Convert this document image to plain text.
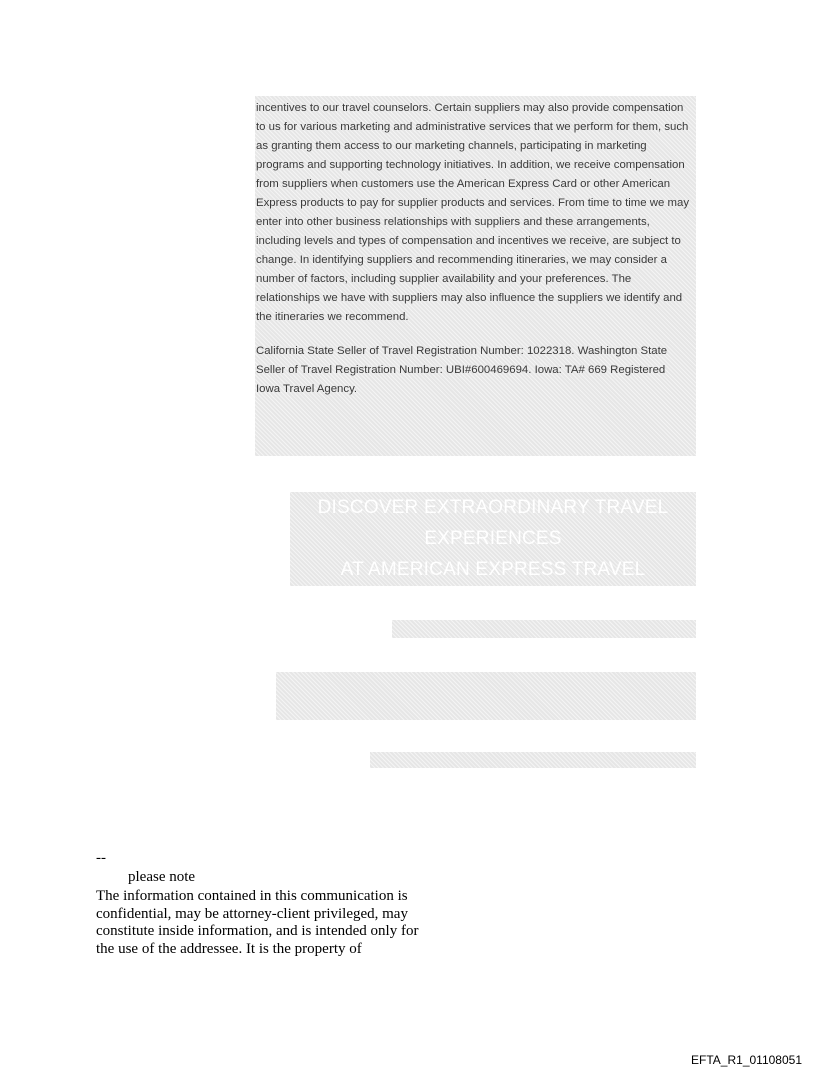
incentives to our travel counselors. Certain suppliers may also provide compensation to us for various marketing and administrative services that we perform for them, such as granting them access to our marketing channels, participating in marketing programs and supporting technology initiatives. In addition, we receive compensation from suppliers when customers use the American Express Card or other American Express products to pay for supplier products and services. From time to time we may enter into other business relationships with suppliers and these arrangements, including levels and types of compensation and incentives we receive, are subject to change. In identifying suppliers and recommending itineraries, we may consider a number of factors, including supplier availability and your preferences. The relationships we have with suppliers may also influence the suppliers we identify and the itineraries we recommend.

California State Seller of Travel Registration Number: 1022318. Washington State Seller of Travel Registration Number: UBI#600469694. Iowa: TA# 669 Registered Iowa Travel Agency.

DISCOVER EXTRAORDINARY TRAVEL
EXPERIENCES
AT AMERICAN EXPRESS TRAVEL
--
please note
The information contained in this communication is
confidential, may be attorney-client privileged, may
constitute inside information, and is intended only for
the use of the addressee. It is the property of
EFTA_R1_01108051
